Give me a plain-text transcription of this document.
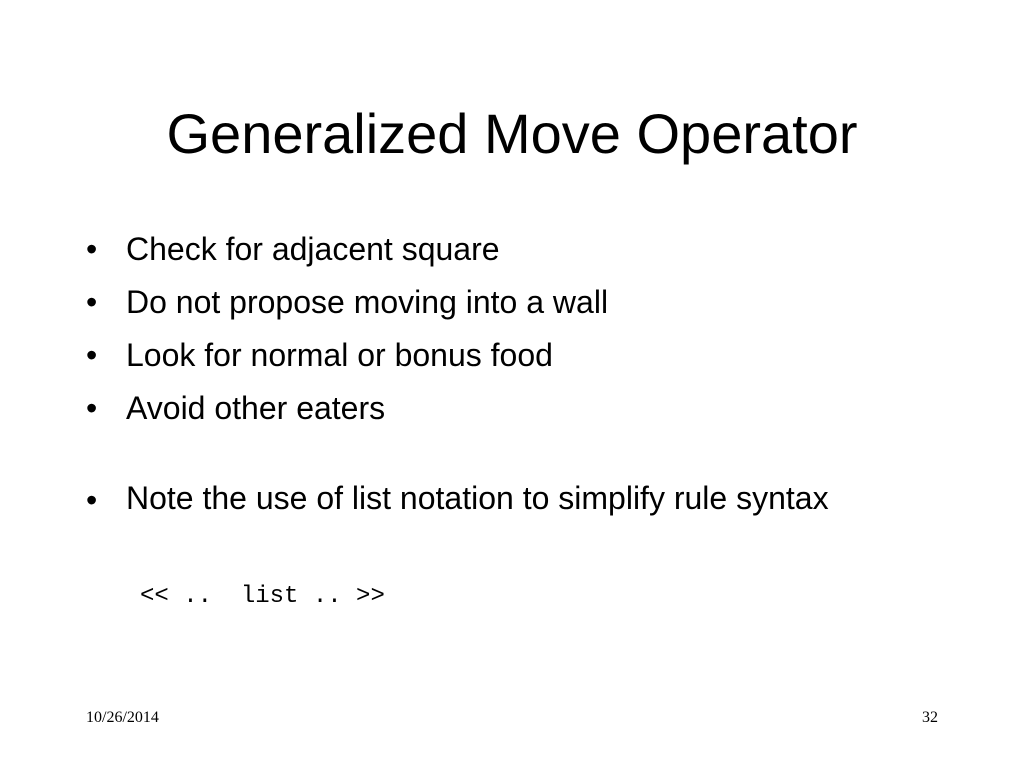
Generalized Move Operator
• Check for adjacent square
• Do not propose moving into a wall
• Look for normal or bonus food
• Avoid other eaters
• Note the use of list notation to simplify rule syntax
<< ..  list .. >>
10/26/2014	32
